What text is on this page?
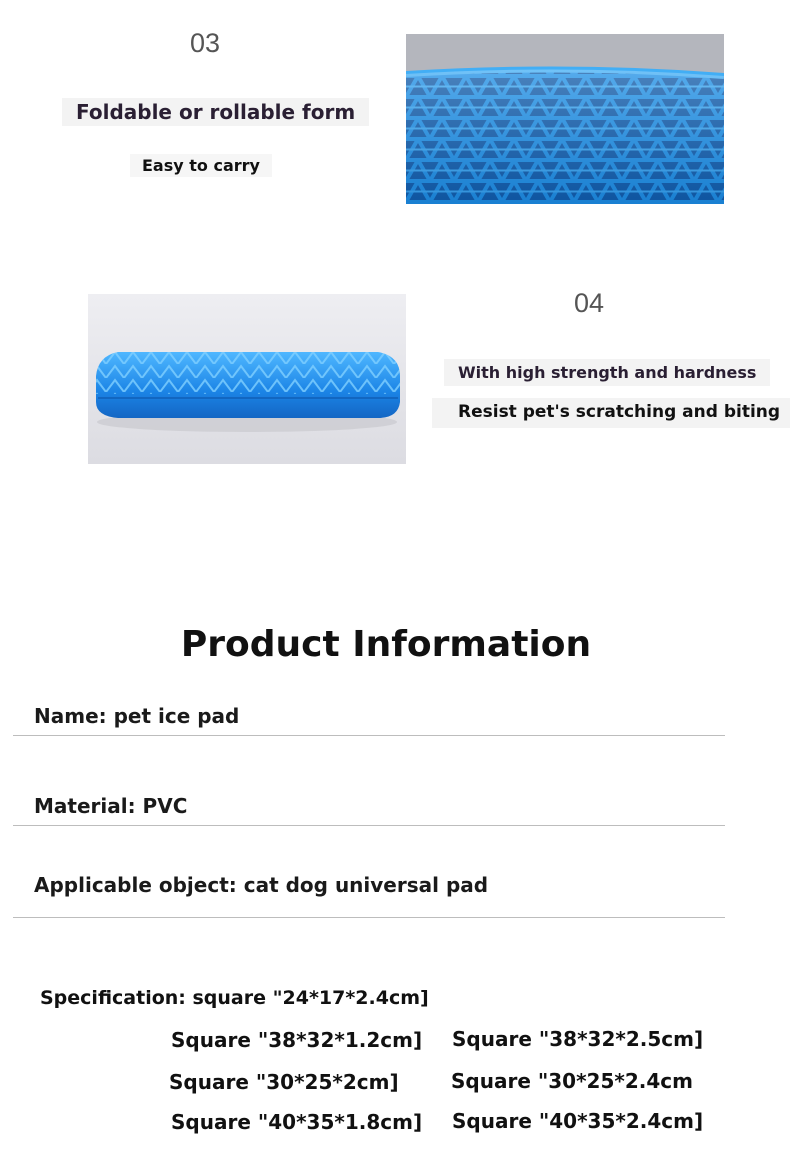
03
Foldable or rollable form
Easy to carry
04
With high strength and hardness
Resist pet's scratching and biting
Product Information
Name: pet ice pad
Material: PVC
Applicable object: cat dog universal pad
Specification: square "24*17*2.4cm]
Square "38*32*1.2cm] Square "38*32*2.5cm]
Square "30*25*2cm]	Square "30*25*2.4cm
Square "40*35*1.8cm] Square "40*35*2.4cm]
